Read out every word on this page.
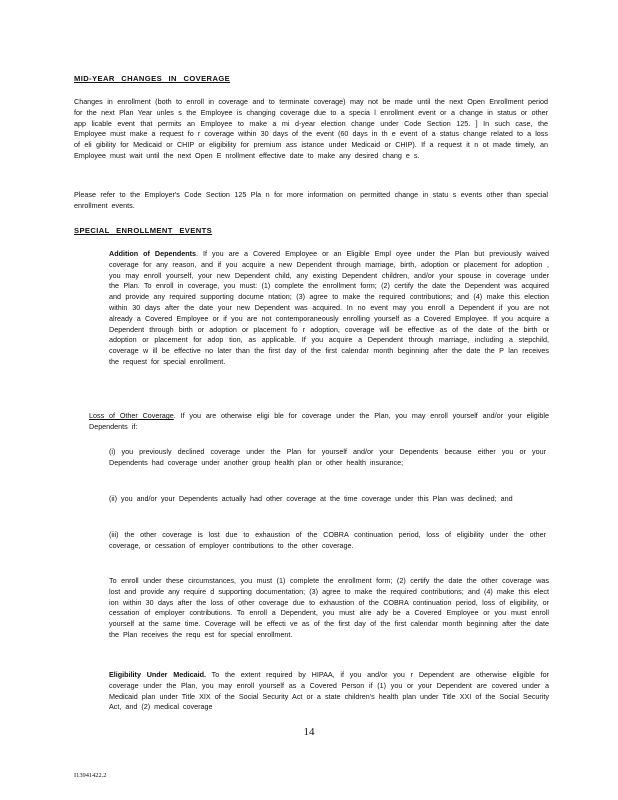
MID-YEAR CHANGES IN COVERAGE
Changes in enrollment (both to enroll in coverage and to terminate coverage) may not be made until the next Open Enrollment period for the next Plan Year unles s the Employee is changing coverage due to a specia l enrollment event or a change in status or other app licable event that permits an Employee to make a mi d-year election change under Code Section 125. ] In such case, the Employee must make a request fo r coverage within 30 days of the event (60 days in th e event of a status change related to a loss of eli gibility for Medicaid or CHIP or eligibility for premium ass istance under Medicaid or CHIP). If a request it n ot made timely, an Employee must wait until the next Open E nrollment effective date to make any desired chang e s.
Please refer to the Employer's Code Section 125 Pla n for more information on permitted change in statu s events other than special enrollment events.
SPECIAL ENROLLMENT EVENTS
Addition of Dependents. If you are a Covered Employee or an Eligible Empl oyee under the Plan but previously waived coverage for any reason, and if you acquire a new Dependent through marriage, birth, adoption or placement for adoption , you may enroll yourself, your new Dependent child, any existing Dependent children, and/or your spouse in coverage under the Plan. To enroll in coverage, you must: (1) complete the enrollment form; (2) certify the date the Dependent was acquired and provide any required supporting docume ntation; (3) agree to make the required contributions; and (4) make this election within 30 days after the date your new Dependent was acquired. In no event may you enroll a Dependent if you are not already a Covered Employee or if you are not contemporaneously enrolling yourself as a Covered Employee. If you acquire a Dependent through birth or adoption or placement fo r adoption, coverage will be effective as of the date of the birth or adoption or placement for adop tion, as applicable. If you acquire a Dependent through marriage, including a stepchild, coverage w ill be effective no later than the first day of the first calendar month beginning after the date the P lan receives the request for special enrollment.
Loss of Other Coverage. If you are otherwise eligi ble for coverage under the Plan, you may enroll yourself and/or your eligible Dependents if:
(i) you previously declined coverage under the Plan for yourself and/or your Dependents because either you or your Dependents had coverage under another group health plan or other health insurance;
(ii) you and/or your Dependents actually had other coverage at the time coverage under this Plan was declined; and
(iii) the other coverage is lost due to exhaustion of the COBRA continuation period, loss of eligibility under the other coverage, or cessation of employer contributions to the other coverage.
To enroll under these circumstances, you must (1) complete the enrollment form; (2) certify the date the other coverage was lost and provide any require d supporting documentation; (3) agree to make the required contributions; and (4) make this elect ion within 30 days after the loss of other coverage due to exhaustion of the COBRA continuation period, loss of eligibility, or cessation of employer contributions. To enroll a Dependent, you must alre ady be a Covered Employee or you must enroll yourself at the same time. Coverage will be effecti ve as of the first day of the first calendar month beginning after the date the Plan receives the requ est for special enrollment.
Eligibility Under Medicaid. To the extent required by HIPAA, if you and/or you r Dependent are otherwise eligible for coverage under the Plan, you may enroll yourself as a Covered Person if (1) you or your Dependent are covered under a Medicaid plan under Title XIX of the Social Security Act or a state children's health plan under Title XXI of the Social Security Act, and (2) medical coverage
14
I13941422.2
